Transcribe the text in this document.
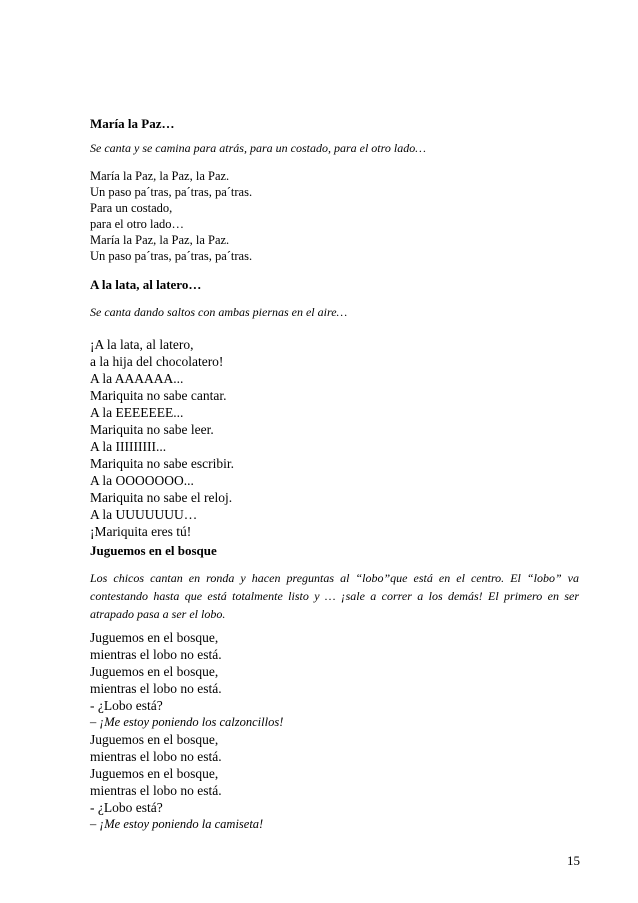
María la Paz…
Se canta y se camina para atrás, para un costado, para el otro lado…
María la Paz, la Paz, la Paz.
Un paso pa´tras, pa´tras, pa´tras.
Para un costado,
para el otro lado…
María la Paz, la Paz, la Paz.
Un paso pa´tras, pa´tras, pa´tras.
A la lata, al latero…
Se canta dando saltos con ambas piernas en el aire…
¡A la lata, al latero,
a la hija del chocolatero!
A la AAAAAA...
Mariquita no sabe cantar.
A la EEEEEEE...
Mariquita no sabe leer.
A la IIIIIIIII...
Mariquita no sabe escribir.
A la OOOOOOO...
Mariquita no sabe el reloj.
A la UUUUUUU…
¡Mariquita eres tú!
Juguemos en el bosque
Los chicos cantan en ronda y hacen preguntas al “lobo”que está en el centro. El “lobo” va contestando hasta que está totalmente listo y … ¡sale a correr a los demás! El primero en ser atrapado pasa a ser el lobo.
Juguemos en el bosque,
mientras el lobo no está.
Juguemos en el bosque,
mientras el lobo no está.
- ¿Lobo está?
– ¡Me estoy poniendo los calzoncillos!
Juguemos en el bosque,
mientras el lobo no está.
Juguemos en el bosque,
mientras el lobo no está.
- ¿Lobo está?
– ¡Me estoy poniendo la camiseta!
15
